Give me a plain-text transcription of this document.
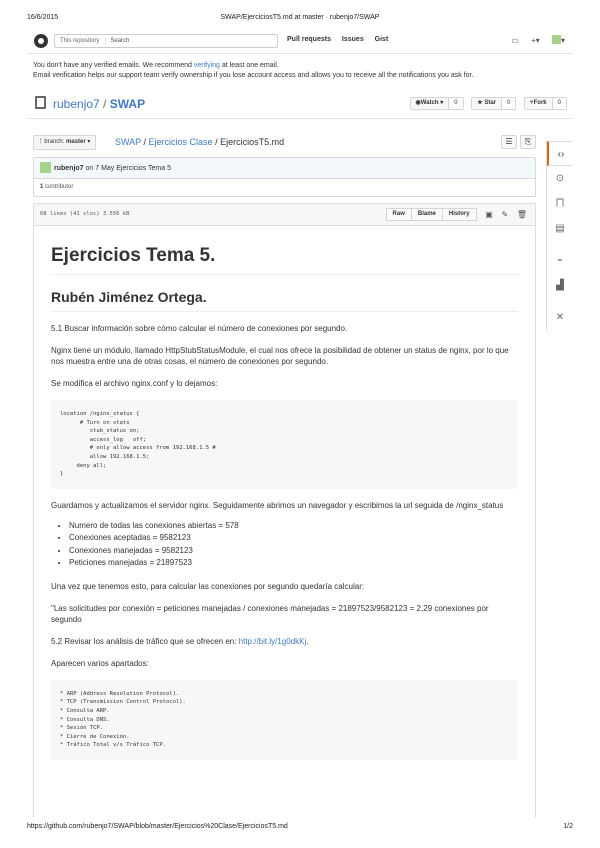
16/6/2015	SWAP/EjerciciosT5.md at master · rubenjo7/SWAP
This repository Search	Pull requests Issues Gist	▭ +▾	▾
You don't have any verified emails. We recommend verifying at least one email.
Email verification helps our support team verify ownership if you lose account access and allows you to receive all the notifications you ask for.
rubenjo7 / SWAP	◉Watch ▾ 0	★ Star 0	⑂Fork 0
‹›
⊙
⨅
▤
⌁
▟
✕
ᚴ branch: master ▾	SWAP / Ejercicios Clase / EjerciciosT5.md	☰ ⎘
rubenjo7 on 7 May Ejercicios Tema 5
1 contributor
68 lines (41 sloc) 3.556 kB	Raw Blame History ▣ ✎ 🗑
Ejercicios Tema 5.
Rubén Jiménez Ortega.

5.1 Buscar información sobre cómo calcular el número de conexiones por segundo.

Nginx tiene un módulo, llamado HttpStubStatusModule, el cual nos ofrece la posibilidad de obtener un status de nginx, por lo que nos muestra entre una de otras cosas, el número de conexiones por segundo.

Se modifica el archivo nginx.conf y lo dejamos:

location /nginx_status {
# Turn on stats
stub_status on;
access_log   off;
# only allow access from 192.168.1.5 #
allow 192.168.1.5;
deny all;
}

Guardamos y actualizamos el servidor nginx. Seguidamente abrimos un navegador y escribimos la url seguida de /nginx_status

• Numero de todas las conexiones abiertas = 578
• Conexiones aceptadas = 9582123
• Conexiones manejadas = 9582123
• Peticiones manejadas = 21897523

Una vez que tenemos esto, para calcular las conexiones por segundo quedaría calcular:

"Las solicitudes por conexión = peticiones manejadas / conexiones manejadas = 21897523/9582123 = 2,29 conexiones por segundo

5.2 Revisar los análisis de tráfico que se ofrecen en: http://bit.ly/1g0dkKj.

Aparecen varios apartados:

* ARP (Address Resolution Protocol).
* TCP (Transmission Control Protocol).
* Consulta ARP.
* Consulta DNS.
* Sesión TCP.
* Cierre de Conexión.
* Tráfico Total v/s Tráfico TCP.
https://github.com/rubenjo7/SWAP/blob/master/Ejercicios%20Clase/EjerciciosT5.md	1/2
